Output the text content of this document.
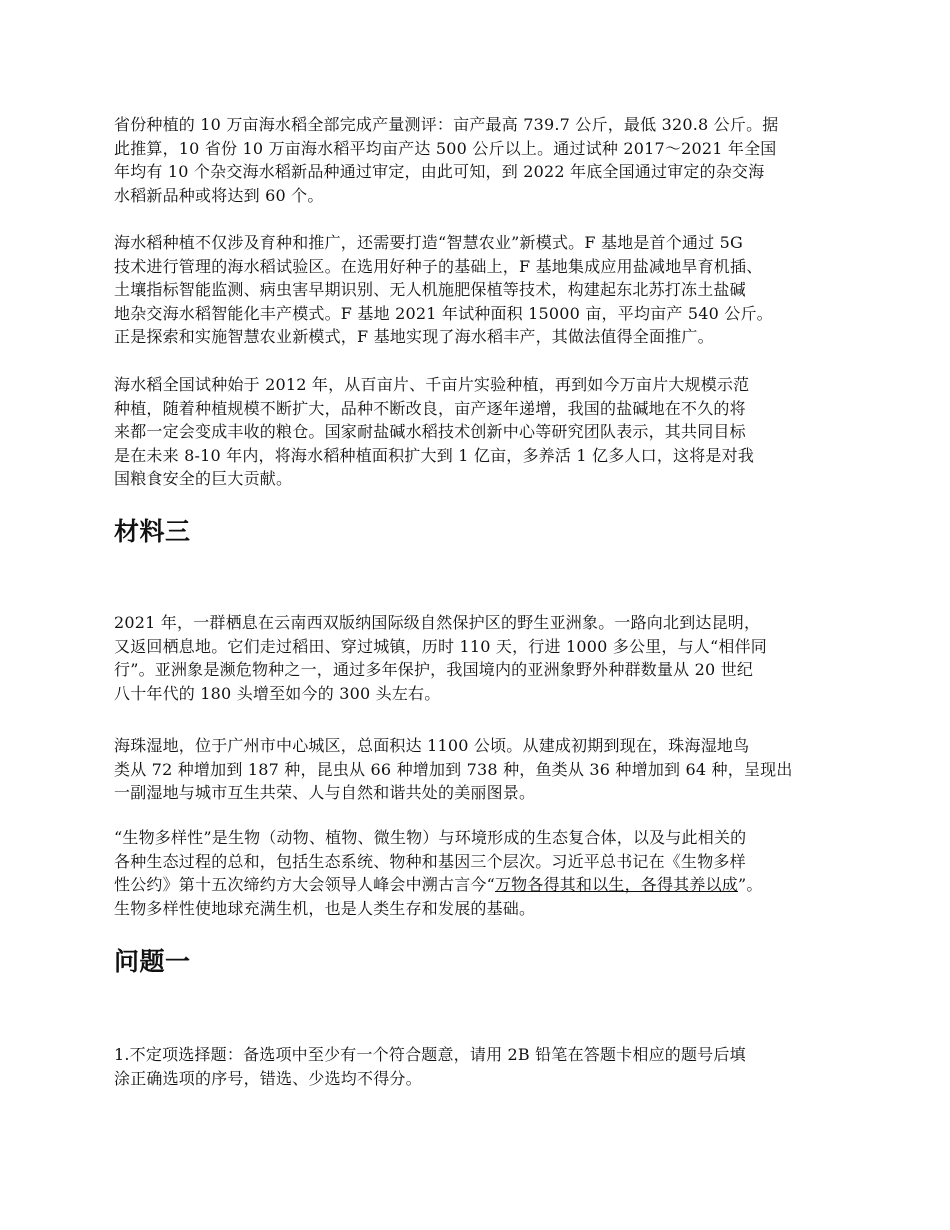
省份种植的 10 万亩海水稻全部完成产量测评：亩产最高 739.7 公斤，最低 320.8 公斤。据
此推算，10 省份 10 万亩海水稻平均亩产达 500 公斤以上。通过试种 2017～2021 年全国
年均有 10 个杂交海水稻新品种通过审定，由此可知，到 2022 年底全国通过审定的杂交海
水稻新品种或将达到 60 个。
海水稻种植不仅涉及育种和推广，还需要打造“智慧农业”新模式。F 基地是首个通过 5G
技术进行管理的海水稻试验区。在选用好种子的基础上，F 基地集成应用盐减地旱育机插、
土壤指标智能监测、病虫害早期识别、无人机施肥保植等技术，构建起东北苏打冻土盐碱
地杂交海水稻智能化丰产模式。F 基地 2021 年试种面积 15000 亩，平均亩产 540 公斤。
正是探索和实施智慧农业新模式，F 基地实现了海水稻丰产，其做法值得全面推广。
海水稻全国试种始于 2012 年，从百亩片、千亩片实验种植，再到如今万亩片大规模示范
种植，随着种植规模不断扩大，品种不断改良，亩产逐年递增，我国的盐碱地在不久的将
来都一定会变成丰收的粮仓。国家耐盐碱水稻技术创新中心等研究团队表示，其共同目标
是在未来 8-10 年内，将海水稻种植面积扩大到 1 亿亩，多养活 1 亿多人口，这将是对我
国粮食安全的巨大贡献。
材料三
2021 年，一群栖息在云南西双版纳国际级自然保护区的野生亚洲象。一路向北到达昆明，
又返回栖息地。它们走过稻田、穿过城镇，历时 110 天，行进 1000 多公里，与人“相伴同
行”。亚洲象是濒危物种之一，通过多年保护，我国境内的亚洲象野外种群数量从 20 世纪
八十年代的 180 头增至如今的 300 头左右。
海珠湿地，位于广州市中心城区，总面积达 1100 公顷。从建成初期到现在，珠海湿地鸟
类从 72 种增加到 187 种，昆虫从 66 种增加到 738 种，鱼类从 36 种增加到 64 种，呈现出
一副湿地与城市互生共荣、人与自然和谐共处的美丽图景。
“生物多样性”是生物（动物、植物、微生物）与环境形成的生态复合体，以及与此相关的
各种生态过程的总和，包括生态系统、物种和基因三个层次。习近平总书记在《生物多样
性公约》第十五次缔约方大会领导人峰会中溯古言今“万物各得其和以生，各得其养以成”。
生物多样性使地球充满生机，也是人类生存和发展的基础。
问题一
1.不定项选择题：备选项中至少有一个符合题意，请用 2B 铅笔在答题卡相应的题号后填
涂正确选项的序号，错选、少选均不得分。
